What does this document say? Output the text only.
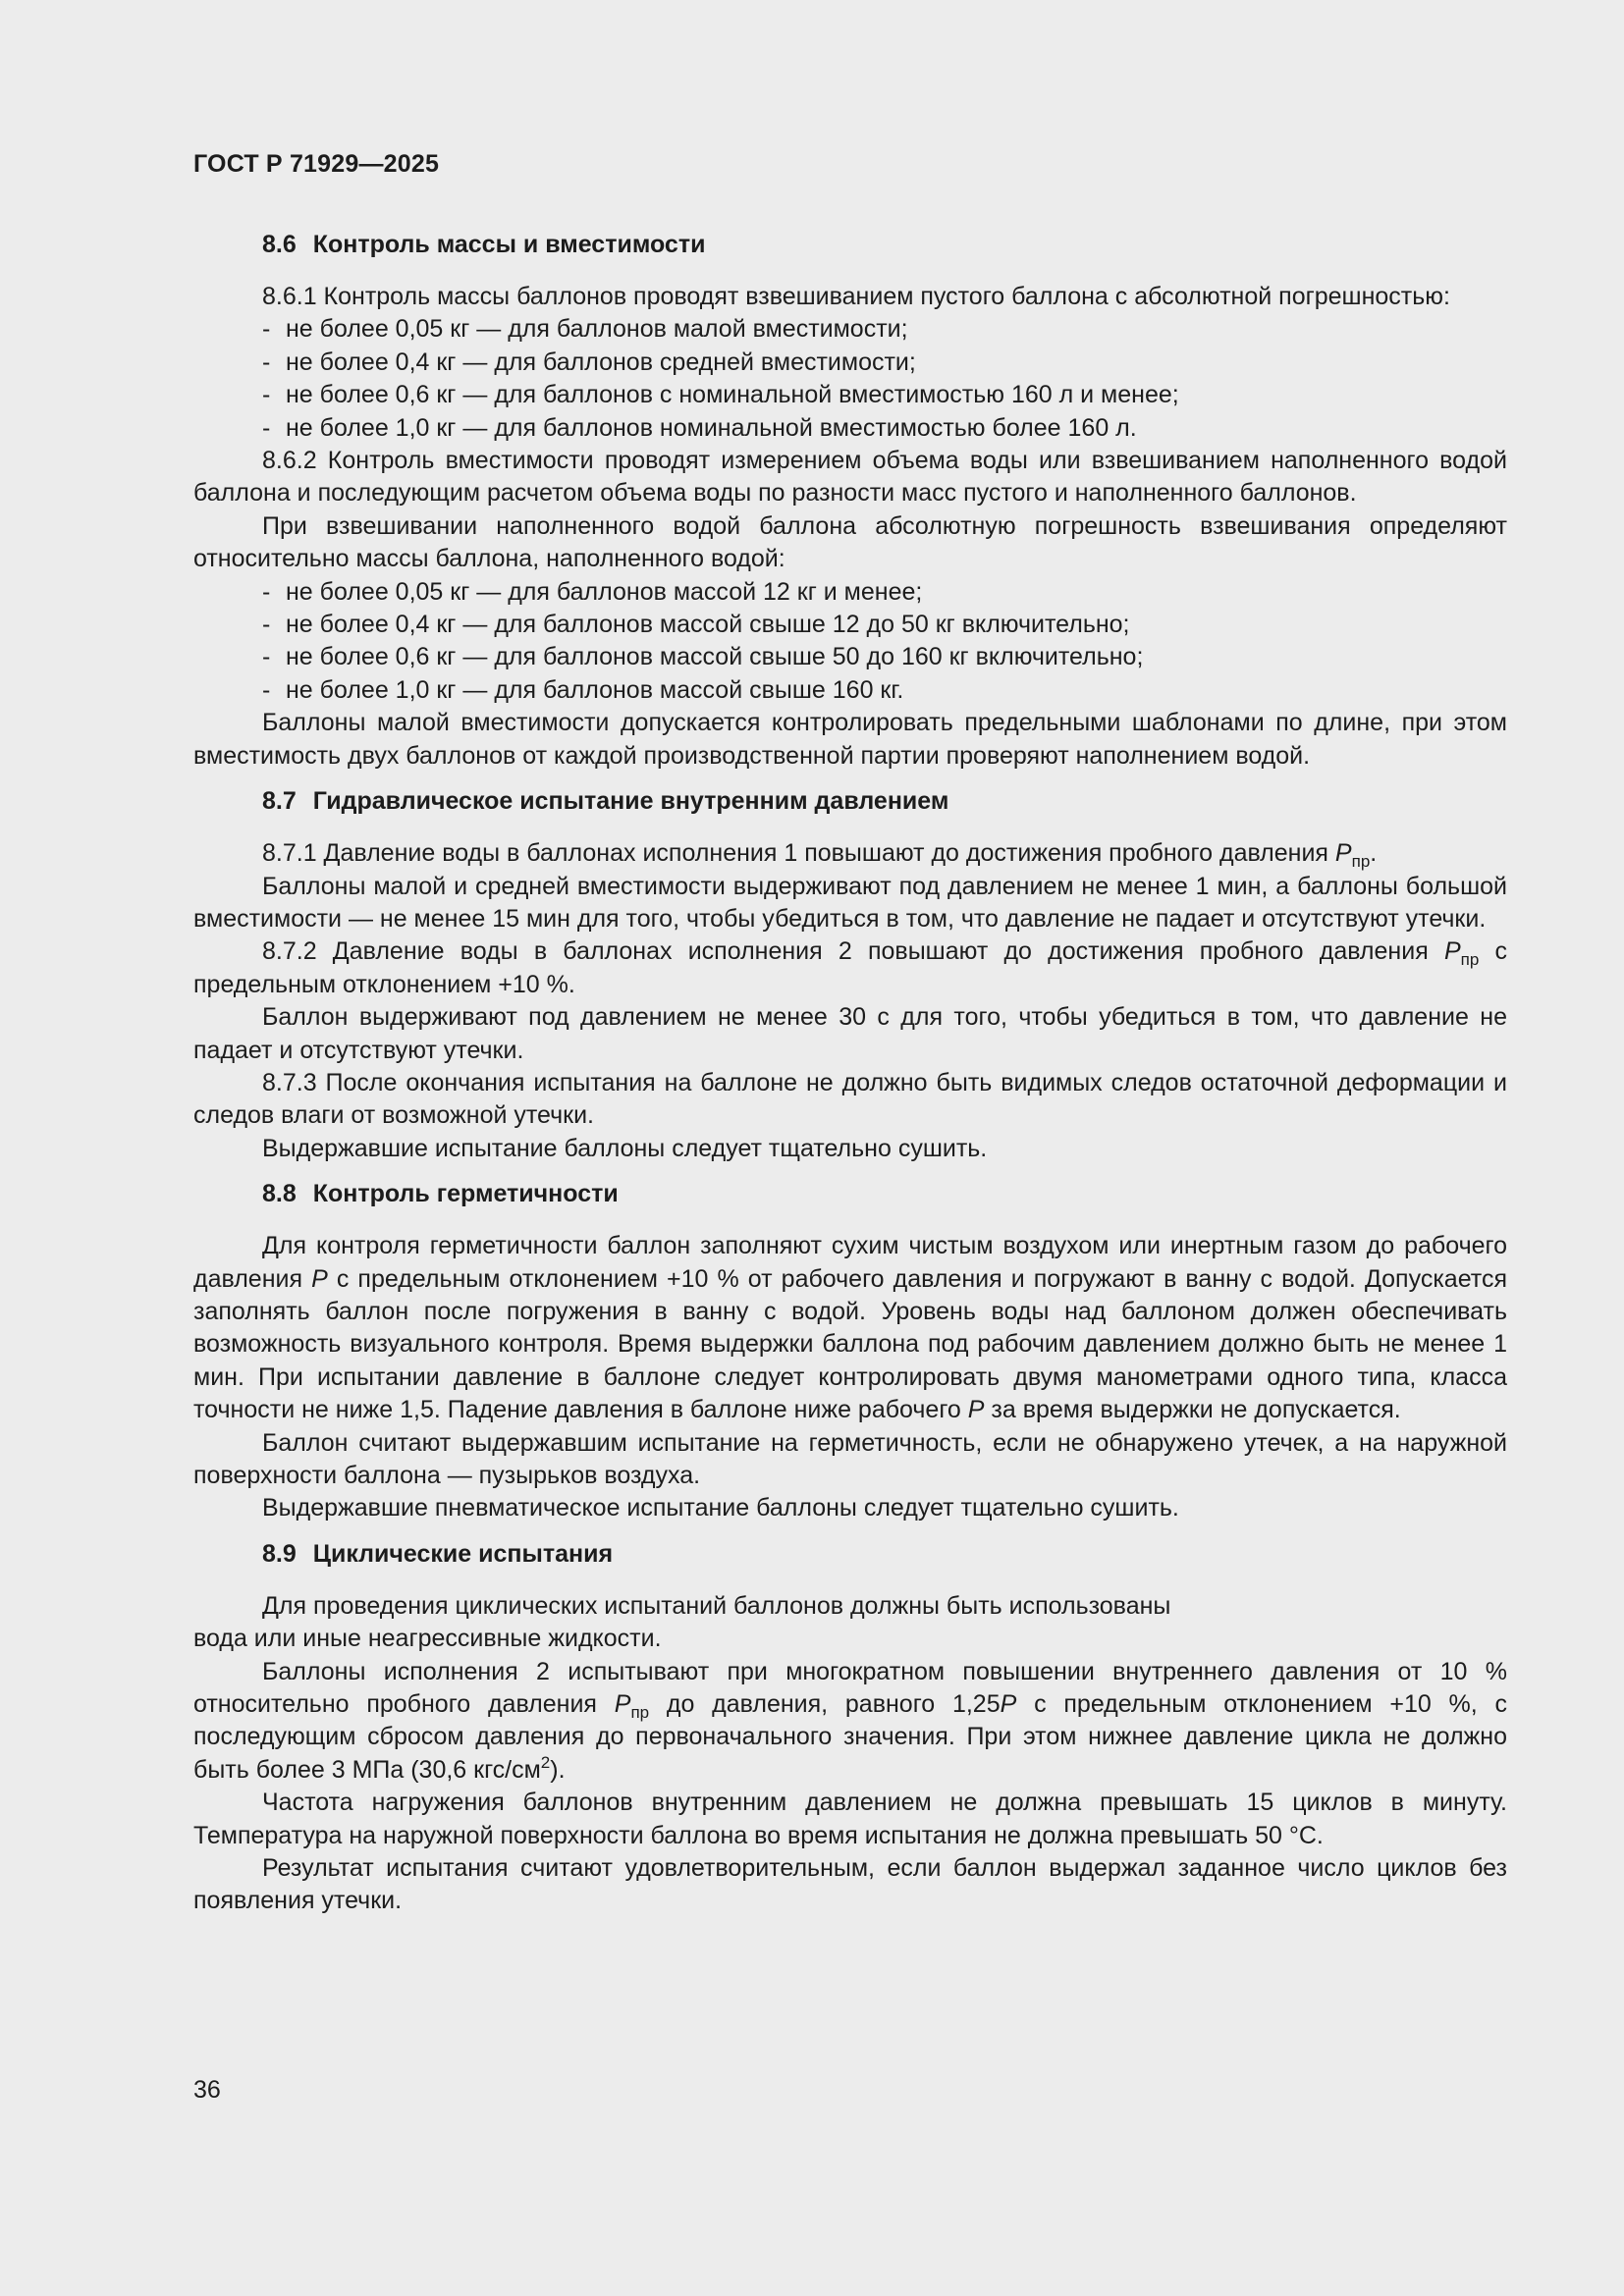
ГОСТ Р 71929—2025
8.6 Контроль массы и вместимости

8.6.1 Контроль массы баллонов проводят взвешиванием пустого баллона с абсолютной погрешностью:

- не более 0,05 кг — для баллонов малой вместимости;
- не более 0,4 кг — для баллонов средней вместимости;
- не более 0,6 кг — для баллонов с номинальной вместимостью 160 л и менее;
- не более 1,0 кг — для баллонов номинальной вместимостью более 160 л.

8.6.2 Контроль вместимости проводят измерением объема воды или взвешиванием наполненного водой баллона и последующим расчетом объема воды по разности масс пустого и наполненного баллонов.

При взвешивании наполненного водой баллона абсолютную погрешность взвешивания определяют относительно массы баллона, наполненного водой:

- не более 0,05 кг — для баллонов массой 12 кг и менее;
- не более 0,4 кг — для баллонов массой свыше 12 до 50 кг включительно;
- не более 0,6 кг — для баллонов массой свыше 50 до 160 кг включительно;
- не более 1,0 кг — для баллонов массой свыше 160 кг.

Баллоны малой вместимости допускается контролировать предельными шаблонами по длине, при этом вместимость двух баллонов от каждой производственной партии проверяют наполнением водой.

8.7 Гидравлическое испытание внутренним давлением

8.7.1 Давление воды в баллонах исполнения 1 повышают до достижения пробного давления $P_{пр}$.

Баллоны малой и средней вместимости выдерживают под давлением не менее 1 мин, а баллоны большой вместимости — не менее 15 мин для того, чтобы убедиться в том, что давление не падает и отсутствуют утечки.

8.7.2 Давление воды в баллонах исполнения 2 повышают до достижения пробного давления $P_{пр}$ с предельным отклонением +10 %.

Баллон выдерживают под давлением не менее 30 с для того, чтобы убедиться в том, что давление не падает и отсутствуют утечки.

8.7.3 После окончания испытания на баллоне не должно быть видимых следов остаточной деформации и следов влаги от возможной утечки.

Выдержавшие испытание баллоны следует тщательно сушить.

8.8 Контроль герметичности

Для контроля герметичности баллон заполняют сухим чистым воздухом или инертным газом до рабочего давления P с предельным отклонением +10 % от рабочего давления и погружают в ванну с водой. Допускается заполнять баллон после погружения в ванну с водой. Уровень воды над баллоном должен обеспечивать возможность визуального контроля. Время выдержки баллона под рабочим давлением должно быть не менее 1 мин. При испытании давление в баллоне следует контролировать двумя манометрами одного типа, класса точности не ниже 1,5. Падение давления в баллоне ниже рабочего P за время выдержки не допускается.

Баллон считают выдержавшим испытание на герметичность, если не обнаружено утечек, а на наружной поверхности баллона — пузырьков воздуха.

Выдержавшие пневматическое испытание баллоны следует тщательно сушить.

8.9 Циклические испытания

Для проведения циклических испытаний баллонов должны быть использованы
вода или иные неагрессивные жидкости.

Баллоны исполнения 2 испытывают при многократном повышении внутреннего давления от 10 % относительно пробного давления $P_{пр}$ до давления, равного 1,25P с предельным отклонением +10 %, с последующим сбросом давления до первоначального значения. При этом нижнее давление цикла не должно быть более 3 МПа (30,6 кгс/$см^2$).

Частота нагружения баллонов внутренним давлением не должна превышать 15 циклов в минуту. Температура на наружной поверхности баллона во время испытания не должна превышать 50 °С.

Результат испытания считают удовлетворительным, если баллон выдержал заданное число циклов без появления утечки.

36
